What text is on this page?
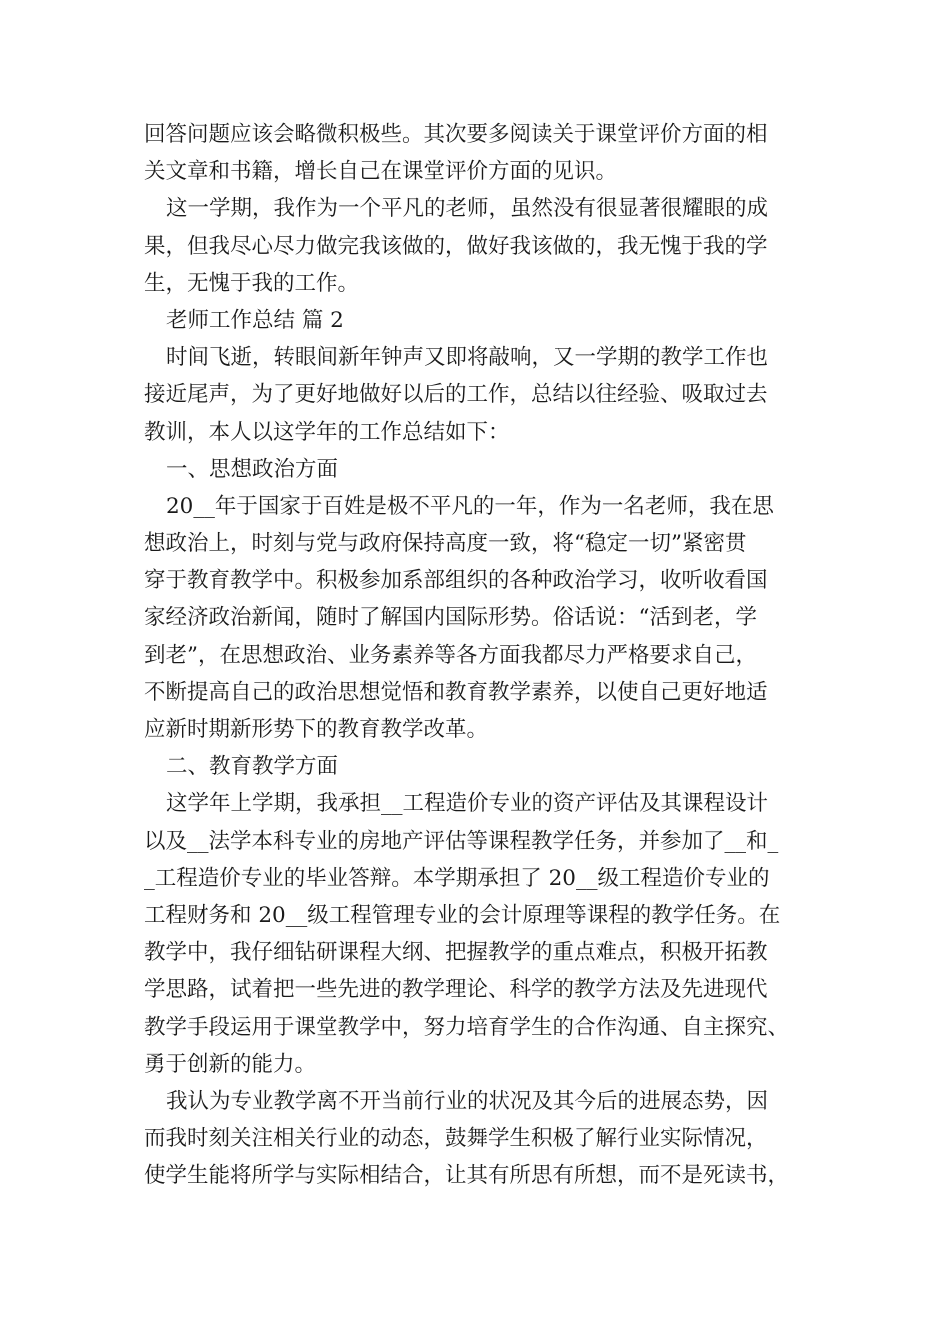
回答问题应该会略微积极些。其次要多阅读关于课堂评价方面的相
关文章和书籍，增长自己在课堂评价方面的见识。
这一学期，我作为一个平凡的老师，虽然没有很显著很耀眼的成
果，但我尽心尽力做完我该做的，做好我该做的，我无愧于我的学
生，无愧于我的工作。
老师工作总结 篇 2
时间飞逝，转眼间新年钟声又即将敲响，又一学期的教学工作也
接近尾声，为了更好地做好以后的工作，总结以往经验、吸取过去
教训，本人以这学年的工作总结如下：
一、思想政治方面
20__年于国家于百姓是极不平凡的一年，作为一名老师，我在思
想政治上，时刻与党与政府保持高度一致，将“稳定一切”紧密贯
穿于教育教学中。积极参加系部组织的各种政治学习，收听收看国
家经济政治新闻，随时了解国内国际形势。俗话说：“活到老，学
到老”，在思想政治、业务素养等各方面我都尽力严格要求自己，
不断提高自己的政治思想觉悟和教育教学素养，以使自己更好地适
应新时期新形势下的教育教学改革。
二、教育教学方面
这学年上学期，我承担__工程造价专业的资产评估及其课程设计
以及__法学本科专业的房地产评估等课程教学任务，并参加了__和_
_工程造价专业的毕业答辩。本学期承担了 20__级工程造价专业的
工程财务和 20__级工程管理专业的会计原理等课程的教学任务。在
教学中，我仔细钻研课程大纲、把握教学的重点难点，积极开拓教
学思路，试着把一些先进的教学理论、科学的教学方法及先进现代
教学手段运用于课堂教学中，努力培育学生的合作沟通、自主探究、
勇于创新的能力。
我认为专业教学离不开当前行业的状况及其今后的进展态势，因
而我时刻关注相关行业的动态，鼓舞学生积极了解行业实际情况，
使学生能将所学与实际相结合，让其有所思有所想，而不是死读书，
